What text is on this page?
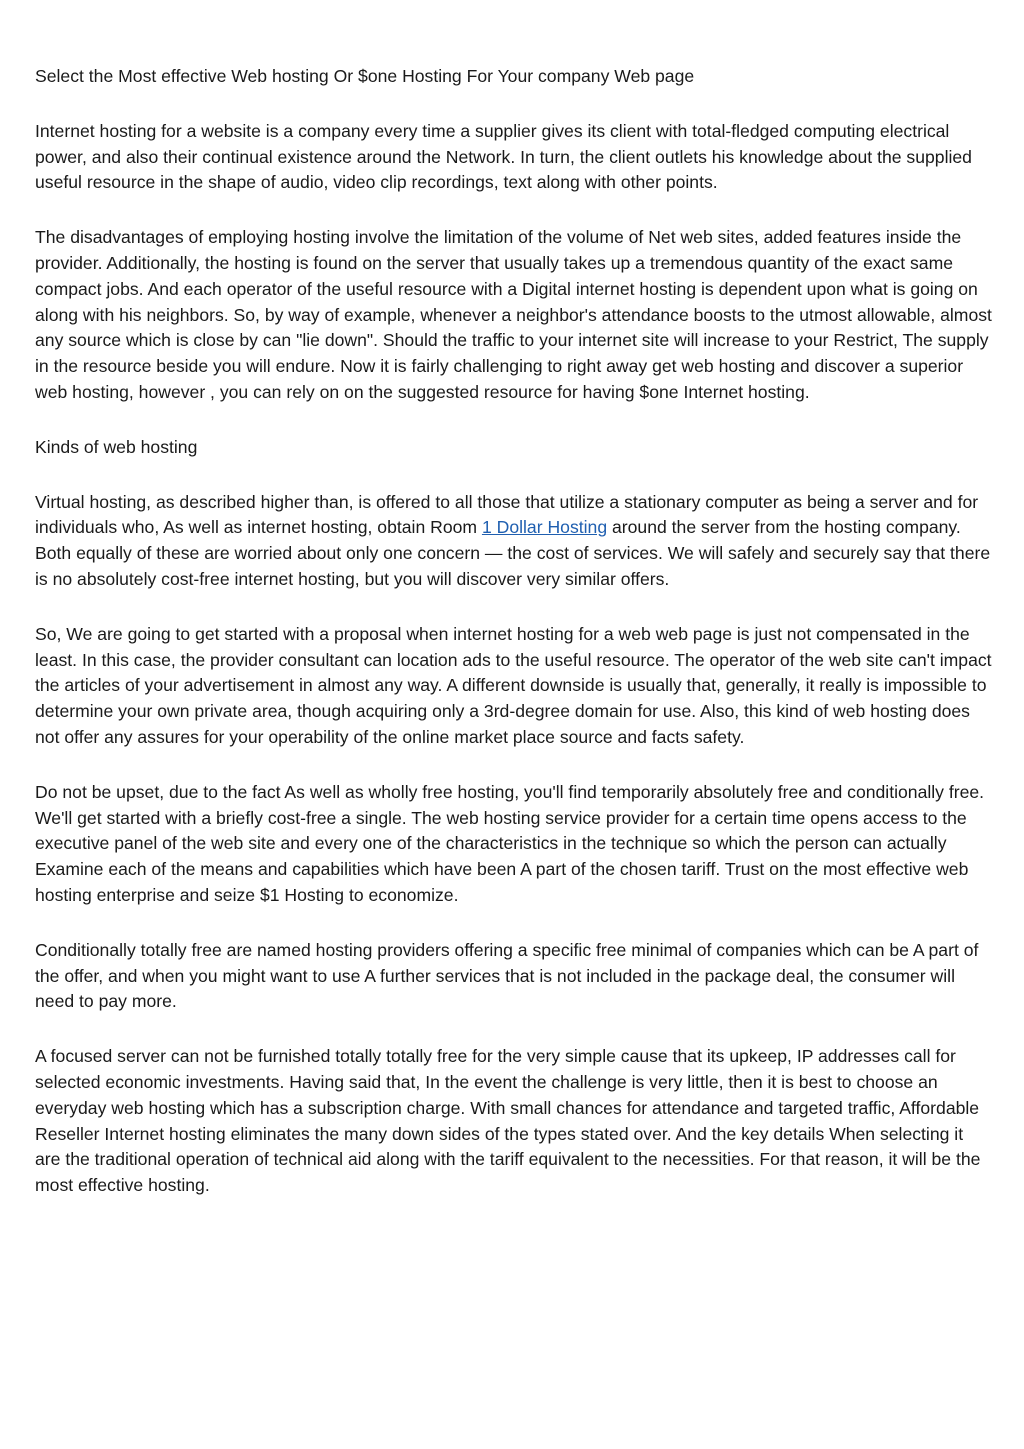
Select the Most effective Web hosting Or $one Hosting For Your company Web page

Internet hosting for a website is a company every time a supplier gives its client with total-fledged computing electrical power, and also their continual existence around the Network. In turn, the client outlets his knowledge about the supplied useful resource in the shape of audio, video clip recordings, text along with other points.

The disadvantages of employing hosting involve the limitation of the volume of Net web sites, added features inside the provider. Additionally, the hosting is found on the server that usually takes up a tremendous quantity of the exact same compact jobs. And each operator of the useful resource with a Digital internet hosting is dependent upon what is going on along with his neighbors. So, by way of example, whenever a neighbor's attendance boosts to the utmost allowable, almost any source which is close by can "lie down". Should the traffic to your internet site will increase to your Restrict, The supply in the resource beside you will endure. Now it is fairly challenging to right away get web hosting and discover a superior web hosting, however , you can rely on on the suggested resource for having $one Internet hosting.

Kinds of web hosting

Virtual hosting, as described higher than, is offered to all those that utilize a stationary computer as being a server and for individuals who, As well as internet hosting, obtain Room 1 Dollar Hosting around the server from the hosting company. Both equally of these are worried about only one concern — the cost of services. We will safely and securely say that there is no absolutely cost-free internet hosting, but you will discover very similar offers.

So, We are going to get started with a proposal when internet hosting for a web web page is just not compensated in the least. In this case, the provider consultant can location ads to the useful resource. The operator of the web site can't impact the articles of your advertisement in almost any way. A different downside is usually that, generally, it really is impossible to determine your own private area, though acquiring only a 3rd-degree domain for use. Also, this kind of web hosting does not offer any assures for your operability of the online market place source and facts safety.

Do not be upset, due to the fact As well as wholly free hosting, you'll find temporarily absolutely free and conditionally free. We'll get started with a briefly cost-free a single. The web hosting service provider for a certain time opens access to the executive panel of the web site and every one of the characteristics in the technique so which the person can actually Examine each of the means and capabilities which have been A part of the chosen tariff. Trust on the most effective web hosting enterprise and seize $1 Hosting to economize.

Conditionally totally free are named hosting providers offering a specific free minimal of companies which can be A part of the offer, and when you might want to use A further services that is not included in the package deal, the consumer will need to pay more.

A focused server can not be furnished totally totally free for the very simple cause that its upkeep, IP addresses call for selected economic investments. Having said that, In the event the challenge is very little, then it is best to choose an everyday web hosting which has a subscription charge. With small chances for attendance and targeted traffic, Affordable Reseller Internet hosting eliminates the many down sides of the types stated over. And the key details When selecting it are the traditional operation of technical aid along with the tariff equivalent to the necessities. For that reason, it will be the most effective hosting.
